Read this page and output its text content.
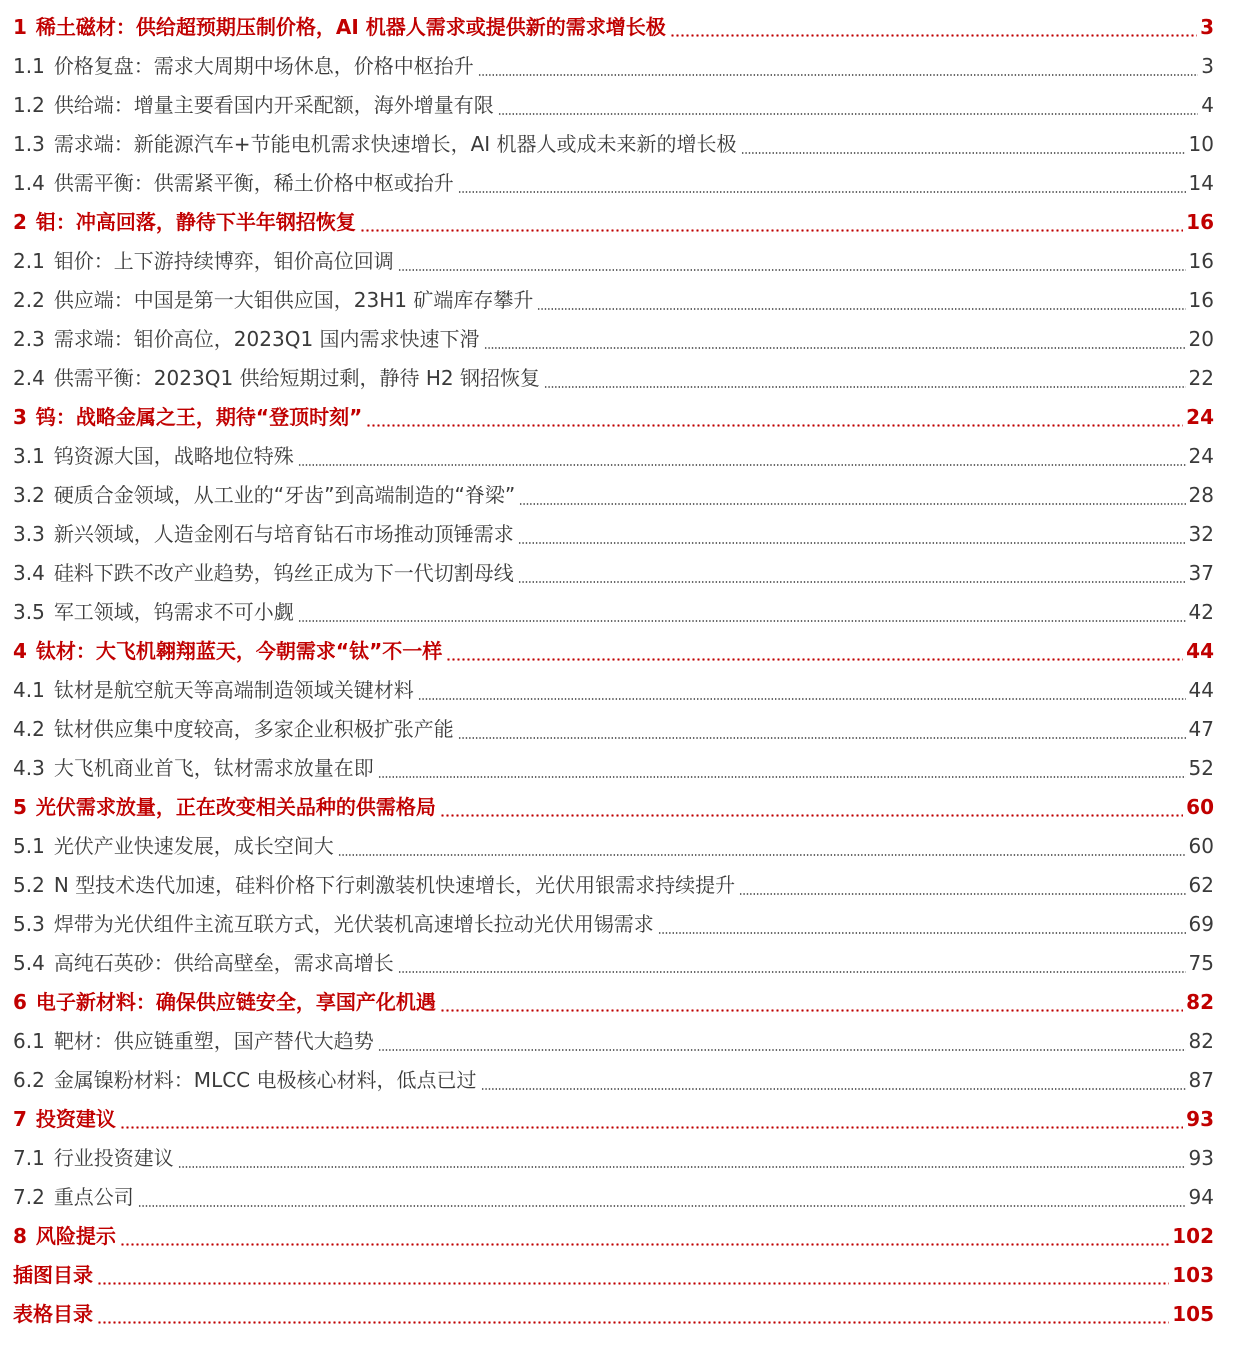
1 稀土磁材：供给超预期压制价格，AI 机器人需求或提供新的需求增长极	3
1.1 价格复盘：需求大周期中场休息，价格中枢抬升	3
1.2 供给端：增量主要看国内开采配额，海外增量有限	4
1.3 需求端：新能源汽车+节能电机需求快速增长，AI 机器人或成未来新的增长极	10
1.4 供需平衡：供需紧平衡，稀土价格中枢或抬升	14
2 钼：冲高回落，静待下半年钢招恢复	16
2.1 钼价：上下游持续博弈，钼价高位回调	16
2.2 供应端：中国是第一大钼供应国，23H1 矿端库存攀升	16
2.3 需求端：钼价高位，2023Q1 国内需求快速下滑	20
2.4 供需平衡：2023Q1 供给短期过剩，静待 H2 钢招恢复	22
3 钨：战略金属之王，期待“登顶时刻”	24
3.1 钨资源大国，战略地位特殊	24
3.2 硬质合金领域，从工业的“牙齿”到高端制造的“脊梁”	28
3.3 新兴领域，人造金刚石与培育钻石市场推动顶锤需求	32
3.4 硅料下跌不改产业趋势，钨丝正成为下一代切割母线	37
3.5 军工领域，钨需求不可小觑	42
4 钛材：大飞机翱翔蓝天，今朝需求“钛”不一样	44
4.1 钛材是航空航天等高端制造领域关键材料	44
4.2 钛材供应集中度较高，多家企业积极扩张产能	47
4.3 大飞机商业首飞，钛材需求放量在即	52
5 光伏需求放量，正在改变相关品种的供需格局	60
5.1 光伏产业快速发展，成长空间大	60
5.2 N 型技术迭代加速，硅料价格下行刺激装机快速增长，光伏用银需求持续提升	62
5.3 焊带为光伏组件主流互联方式，光伏装机高速增长拉动光伏用锡需求	69
5.4 高纯石英砂：供给高壁垒，需求高增长	75
6 电子新材料：确保供应链安全，享国产化机遇	82
6.1 靶材：供应链重塑，国产替代大趋势	82
6.2 金属镍粉材料：MLCC 电极核心材料，低点已过	87
7 投资建议	93
7.1 行业投资建议	93
7.2 重点公司	94
8 风险提示	102
插图目录	103
表格目录	105
